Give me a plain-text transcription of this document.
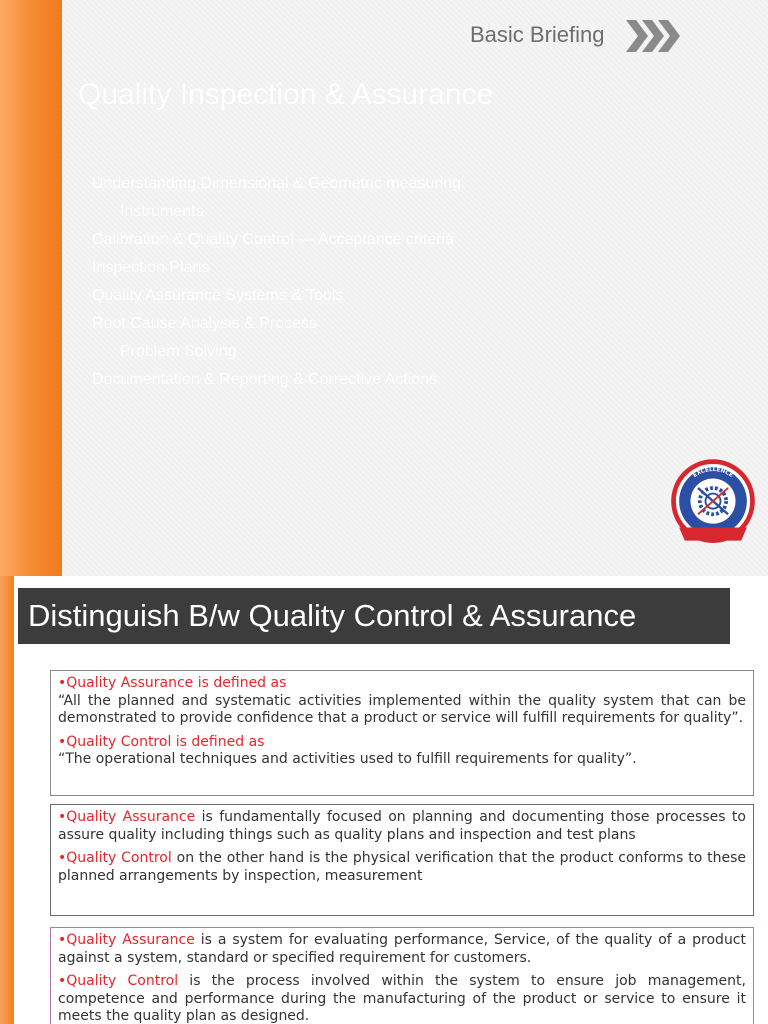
Basic Briefing
Quality Inspection & Assurance
Understanding Dimensional & Geometric measuring
Instruments
Calibration & Quality Control — Acceptance criteria
Inspection Plans
Quality Assurance Systems & Tools
Root Cause Analysis & Process
Problem Solving
Documentation & Reporting & Corrective Actions
EXCELLENCE
Distinguish B/w Quality Control & Assurance

•Quality Assurance is defined as

“All the planned and systematic activities implemented within the quality system that can be demonstrated to provide confidence that a product or service will fulfill requirements for quality”.

•Quality Control is defined as

“The operational techniques and activities used to fulfill requirements for quality”.

•Quality Assurance is fundamentally focused on planning and documenting those processes to assure quality including things such as quality plans and inspection and test plans

•Quality Control on the other hand is the physical verification that the product conforms to these planned arrangements by inspection, measurement

•Quality Assurance is a system for evaluating performance, Service, of the quality of a product against a system, standard or specified requirement for customers.

•Quality Control is the process involved within the system to ensure job management, competence and performance during the manufacturing of the product or service to ensure it meets the quality plan as designed.
